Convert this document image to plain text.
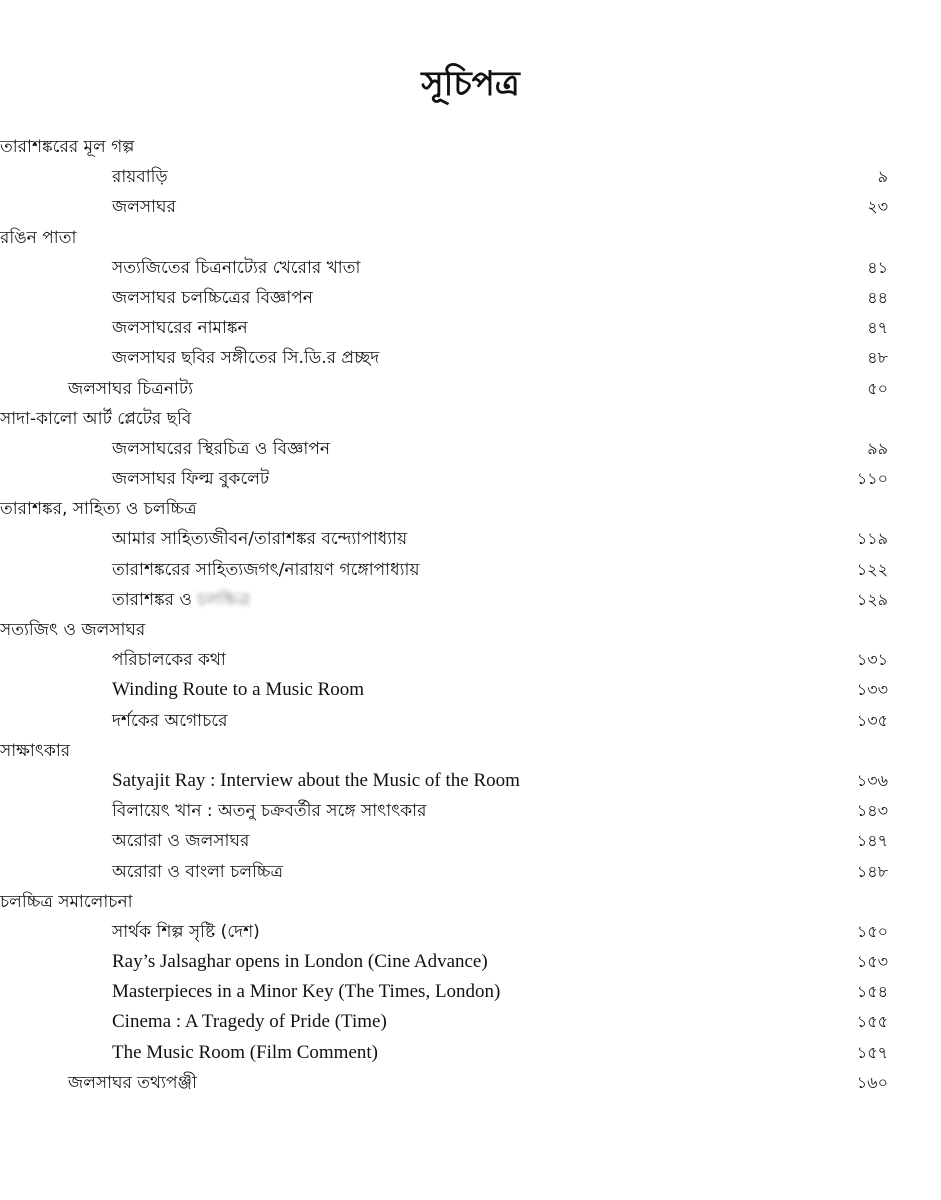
সূচিপত্র
তারাশঙ্করের মূল গল্প
রায়বাড়ি	৯
জলসাঘর	২৩
রঙিন পাতা
সত্যজিতের চিত্রনাট্যের খেরোর খাতা	৪১
জলসাঘর চলচ্চিত্রের বিজ্ঞাপন	৪৪
জলসাঘরের নামাঙ্কন	৪৭
জলসাঘর ছবির সঙ্গীতের সি.ডি.র প্রচ্ছদ	৪৮
জলসাঘর চিত্রনাট্য	৫০
সাদা-কালো আর্ট প্লেটের ছবি
জলসাঘরের স্থিরচিত্র ও বিজ্ঞাপন	৯৯
জলসাঘর ফিল্ম বুকলেট	১১০
তারাশঙ্কর, সাহিত্য ও চলচ্চিত্র
আমার সাহিত্যজীবন/তারাশঙ্কর বন্দ্যোপাধ্যায়	১১৯
তারাশঙ্করের সাহিত্যজগৎ/নারায়ণ গঙ্গোপাধ্যায়	১২২
তারাশঙ্কর ও চলচ্চিত্র	১২৯
সত্যজিৎ ও জলসাঘর
পরিচালকের কথা	১৩১
Winding Route to a Music Room	১৩৩
দর্শকের অগোচরে	১৩৫
সাক্ষাৎকার
Satyajit Ray : Interview about the Music of the Room	১৩৬
বিলায়েৎ খান : অতনু চক্রবর্তীর সঙ্গে সাৎাৎকার	১৪৩
অরোরা ও জলসাঘর	১৪৭
অরোরা ও বাংলা চলচ্চিত্র	১৪৮
চলচ্চিত্র সমালোচনা
সার্থক শিল্প সৃষ্টি (দেশ)	১৫০
Ray’s Jalsaghar opens in London (Cine Advance)	১৫৩
Masterpieces in a Minor Key (The Times, London)	১৫৪
Cinema : A Tragedy of Pride (Time)	১৫৫
The Music Room (Film Comment)	১৫৭
জলসাঘর তথ্যপঞ্জী	১৬০
